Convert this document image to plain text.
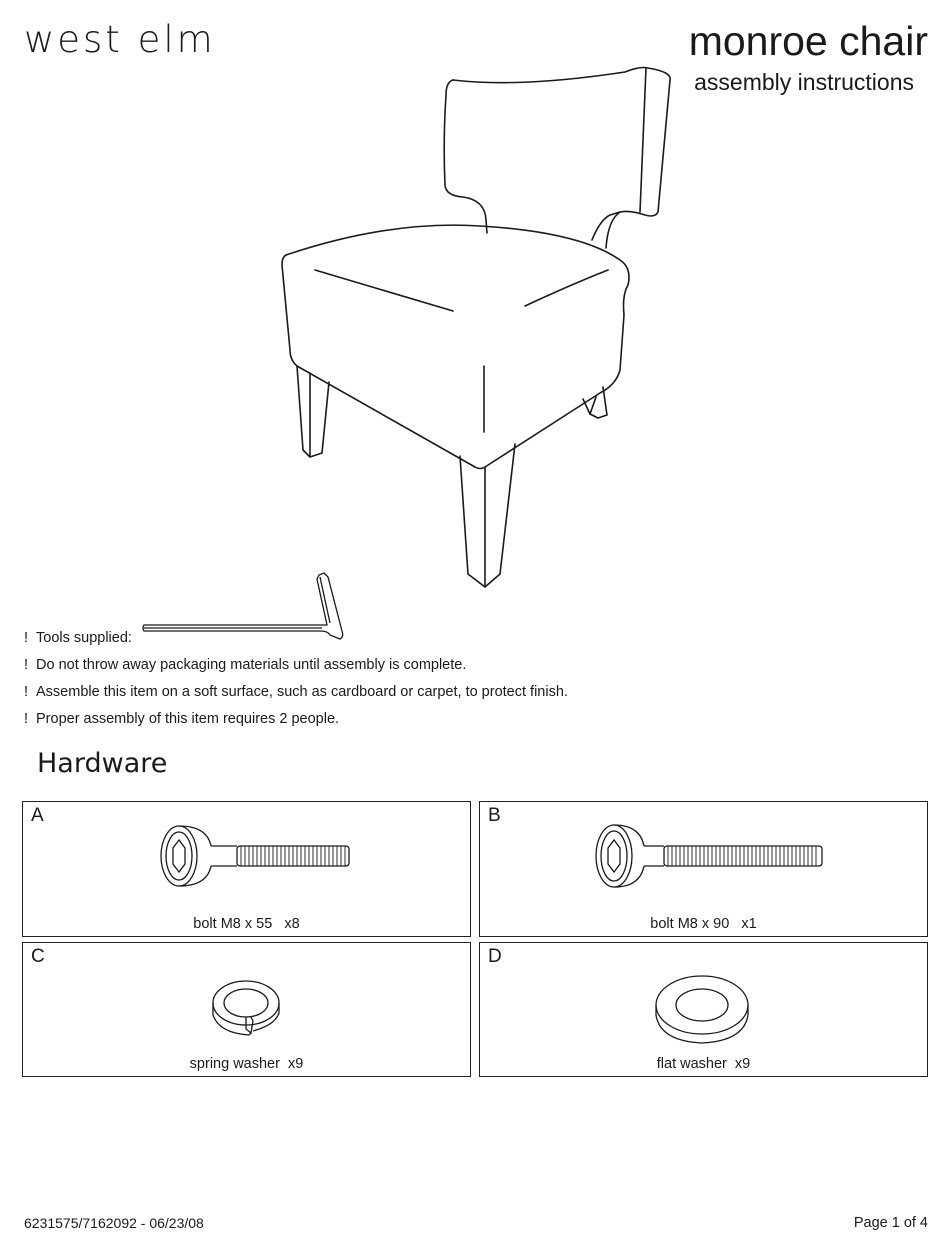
west elm	monroe chair
assembly instructions
! Tools supplied:
! Do not throw away packaging materials until assembly is complete.
! Assemble this item on a soft surface, such as cardboard or carpet, to protect finish.
! Proper assembly of this item requires 2 people.
Hardware
A
bolt M8 x 55   x8
B
bolt M8 x 90   x1
C
spring washer  x9
D
flat washer  x9
6231575/7162092 - 06/23/08	Page 1 of 4
